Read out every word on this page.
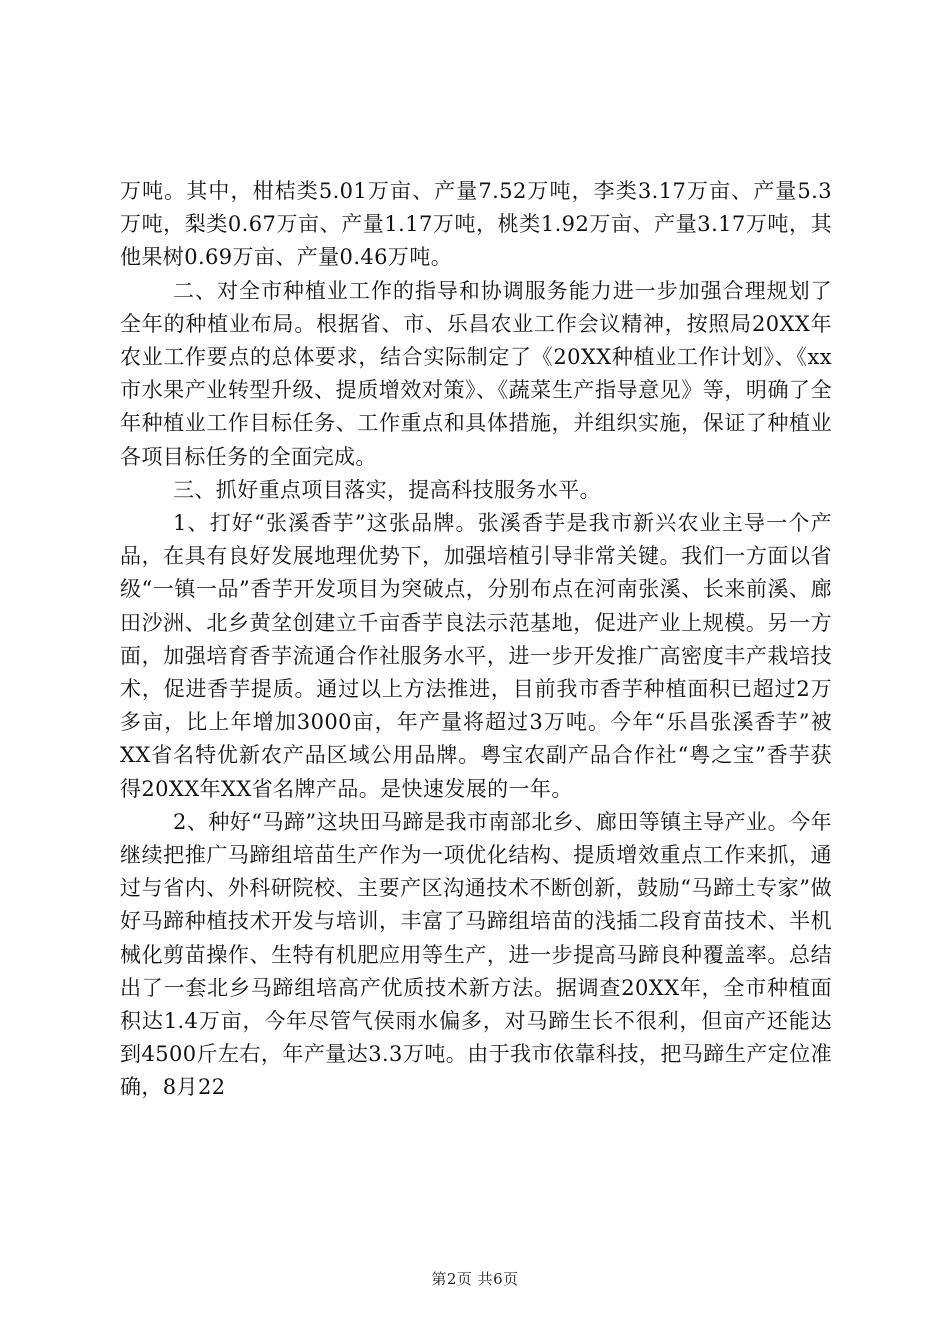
万吨。其中，柑桔类5.01万亩、产量7.52万吨，李类3.17万亩、产量5.3万吨，梨类0.67万亩、产量1.17万吨，桃类1.92万亩、产量3.17万吨，其他果树0.69万亩、产量0.46万吨。

二、对全市种植业工作的指导和协调服务能力进一步加强合理规划了全年的种植业布局。根据省、市、乐昌农业工作会议精神，按照局20XX年农业工作要点的总体要求，结合实际制定了《20XX种植业工作计划》、《xx市水果产业转型升级、提质增效对策》、《蔬菜生产指导意见》等，明确了全年种植业工作目标任务、工作重点和具体措施，并组织实施，保证了种植业各项目标任务的全面完成。

三、抓好重点项目落实，提高科技服务水平。

1、打好“张溪香芋”这张品牌。张溪香芋是我市新兴农业主导一个产品，在具有良好发展地理优势下，加强培植引导非常关键。我们一方面以省级“一镇一品”香芋开发项目为突破点，分别布点在河南张溪、长来前溪、廊田沙洲、北乡黄坌创建立千亩香芋良法示范基地，促进产业上规模。另一方面，加强培育香芋流通合作社服务水平，进一步开发推广高密度丰产栽培技术，促进香芋提质。通过以上方法推进，目前我市香芋种植面积已超过2万多亩，比上年增加3000亩，年产量将超过3万吨。今年“乐昌张溪香芋”被XX省名特优新农产品区域公用品牌。粤宝农副产品合作社“粤之宝”香芋获得20XX年XX省名牌产品。是快速发展的一年。

2、种好“马蹄”这块田马蹄是我市南部北乡、廊田等镇主导产业。今年继续把推广马蹄组培苗生产作为一项优化结构、提质增效重点工作来抓，通过与省内、外科研院校、主要产区沟通技术不断创新，鼓励“马蹄土专家”做好马蹄种植技术开发与培训，丰富了马蹄组培苗的浅插二段育苗技术、半机械化剪苗操作、生特有机肥应用等生产，进一步提高马蹄良种覆盖率。总结出了一套北乡马蹄组培高产优质技术新方法。据调查20XX年，全市种植面积达1.4万亩，今年尽管气侯雨水偏多，对马蹄生长不很利，但亩产还能达到4500斤左右，年产量达3.3万吨。由于我市依靠科技，把马蹄生产定位准确，8月22

第2页 共6页
